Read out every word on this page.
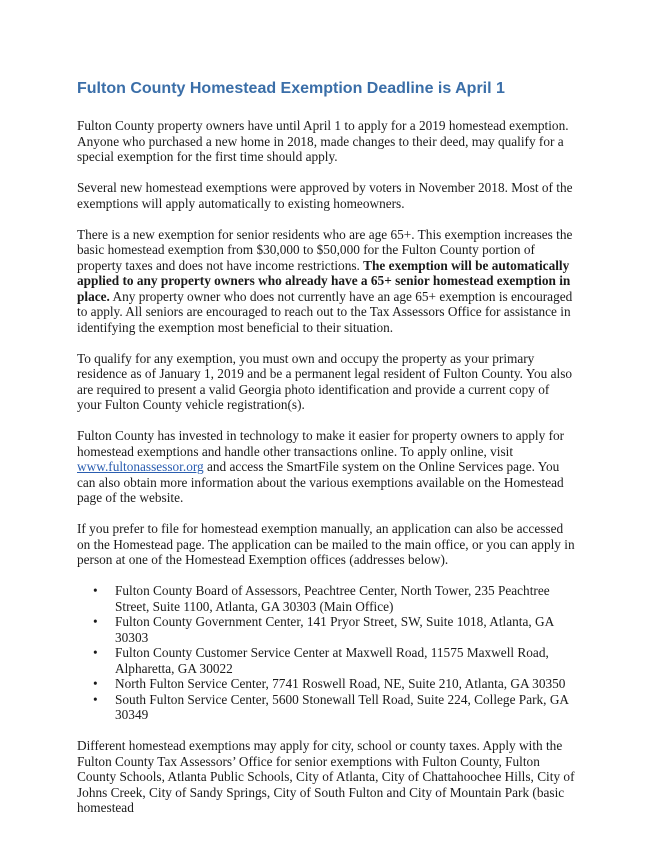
Fulton County Homestead Exemption Deadline is April 1

Fulton County property owners have until April 1 to apply for a 2019 homestead exemption. Anyone who purchased a new home in 2018, made changes to their deed, may qualify for a special exemption for the first time should apply.

Several new homestead exemptions were approved by voters in November 2018. Most of the exemptions will apply automatically to existing homeowners.

There is a new exemption for senior residents who are age 65+. This exemption increases the basic homestead exemption from $30,000 to $50,000 for the Fulton County portion of property taxes and does not have income restrictions. The exemption will be automatically applied to any property owners who already have a 65+ senior homestead exemption in place. Any property owner who does not currently have an age 65+ exemption is encouraged to apply. All seniors are encouraged to reach out to the Tax Assessors Office for assistance in identifying the exemption most beneficial to their situation.

To qualify for any exemption, you must own and occupy the property as your primary residence as of January 1, 2019 and be a permanent legal resident of Fulton County. You also are required to present a valid Georgia photo identification and provide a current copy of your Fulton County vehicle registration(s).

Fulton County has invested in technology to make it easier for property owners to apply for homestead exemptions and handle other transactions online. To apply online, visit www.fultonassessor.org and access the SmartFile system on the Online Services page. You can also obtain more information about the various exemptions available on the Homestead page of the website.

If you prefer to file for homestead exemption manually, an application can also be accessed on the Homestead page. The application can be mailed to the main office, or you can apply in person at one of the Homestead Exemption offices (addresses below).

• Fulton County Board of Assessors, Peachtree Center, North Tower, 235 Peachtree Street, Suite 1100, Atlanta, GA 30303 (Main Office)
• Fulton County Government Center, 141 Pryor Street, SW, Suite 1018, Atlanta, GA 30303
• Fulton County Customer Service Center at Maxwell Road, 11575 Maxwell Road, Alpharetta, GA 30022
• North Fulton Service Center, 7741 Roswell Road, NE, Suite 210, Atlanta, GA 30350
• South Fulton Service Center, 5600 Stonewall Tell Road, Suite 224, College Park, GA 30349

Different homestead exemptions may apply for city, school or county taxes. Apply with the Fulton County Tax Assessors’ Office for senior exemptions with Fulton County, Fulton County Schools, Atlanta Public Schools, City of Atlanta, City of Chattahoochee Hills, City of Johns Creek, City of Sandy Springs, City of South Fulton and City of Mountain Park (basic homestead
